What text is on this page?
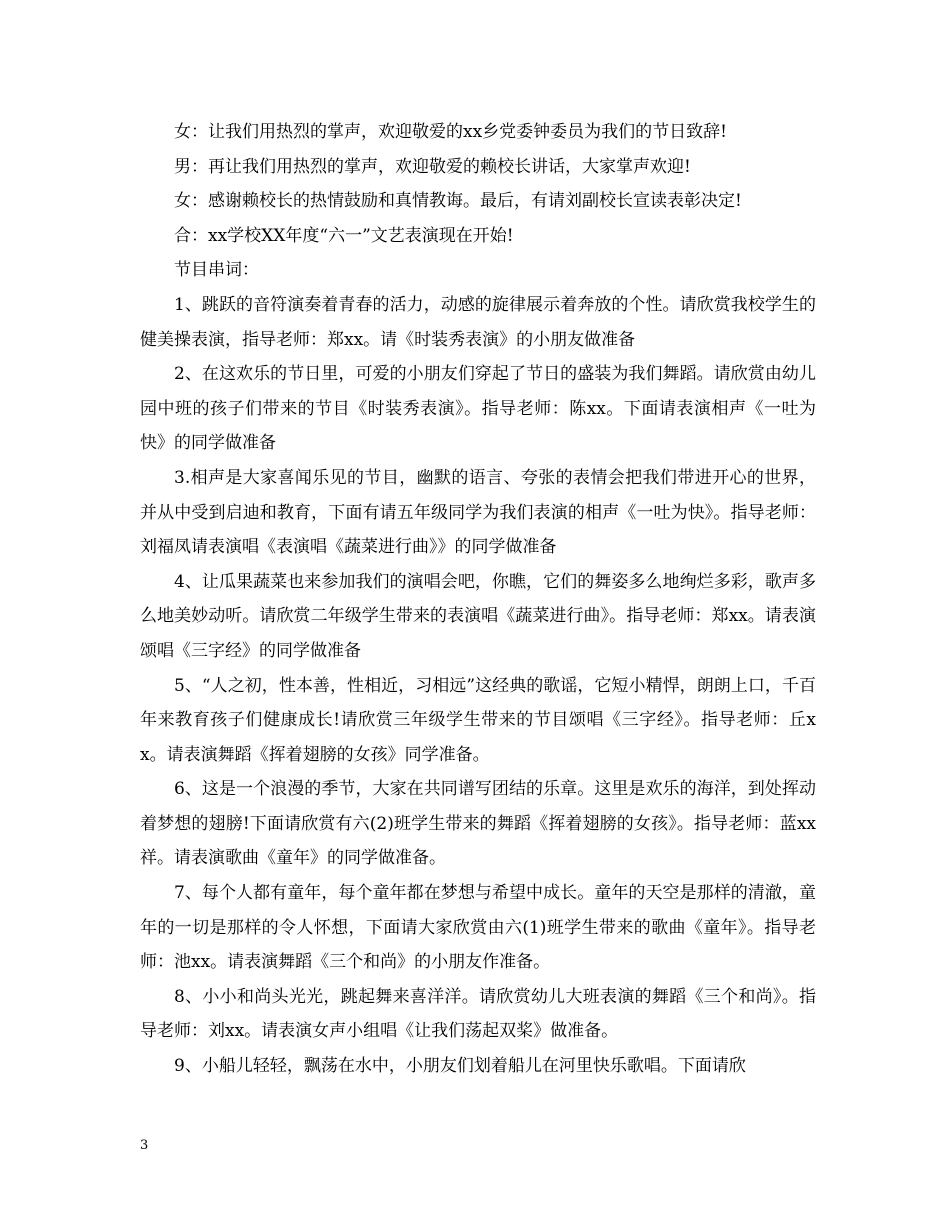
女：让我们用热烈的掌声，欢迎敬爱的xx乡党委钟委员为我们的节日致辞!

男：再让我们用热烈的掌声，欢迎敬爱的赖校长讲话，大家掌声欢迎!

女：感谢赖校长的热情鼓励和真情教诲。最后，有请刘副校长宣读表彰决定!

合：xx学校XX年度“六一”文艺表演现在开始!

节目串词：

1、跳跃的音符演奏着青春的活力，动感的旋律展示着奔放的个性。请欣赏我校学生的健美操表演，指导老师：郑xx。请《时装秀表演》的小朋友做准备

2、在这欢乐的节日里，可爱的小朋友们穿起了节日的盛装为我们舞蹈。请欣赏由幼儿园中班的孩子们带来的节目《时装秀表演》。指导老师：陈xx。下面请表演相声《一吐为快》的同学做准备

3.相声是大家喜闻乐见的节目，幽默的语言、夸张的表情会把我们带进开心的世界，并从中受到启迪和教育，下面有请五年级同学为我们表演的相声《一吐为快》。指导老师：刘福凤请表演唱《表演唱《蔬菜进行曲》》的同学做准备

4、让瓜果蔬菜也来参加我们的演唱会吧，你瞧，它们的舞姿多么地绚烂多彩，歌声多么地美妙动听。请欣赏二年级学生带来的表演唱《蔬菜进行曲》。指导老师：郑xx。请表演颂唱《三字经》的同学做准备

5、“人之初，性本善，性相近，习相远”这经典的歌谣，它短小精悍，朗朗上口，千百年来教育孩子们健康成长!请欣赏三年级学生带来的节目颂唱《三字经》。指导老师：丘xx。请表演舞蹈《挥着翅膀的女孩》同学准备。

6、这是一个浪漫的季节，大家在共同谱写团结的乐章。这里是欢乐的海洋，到处挥动着梦想的翅膀!下面请欣赏有六(2)班学生带来的舞蹈《挥着翅膀的女孩》。指导老师：蓝xx祥。请表演歌曲《童年》的同学做准备。

7、每个人都有童年，每个童年都在梦想与希望中成长。童年的天空是那样的清澈，童年的一切是那样的令人怀想，下面请大家欣赏由六(1)班学生带来的歌曲《童年》。指导老师：池xx。请表演舞蹈《三个和尚》的小朋友作准备。

8、小小和尚头光光，跳起舞来喜洋洋。请欣赏幼儿大班表演的舞蹈《三个和尚》。指导老师：刘xx。请表演女声小组唱《让我们荡起双桨》做准备。

9、小船儿轻轻，飘荡在水中，小朋友们划着船儿在河里快乐歌唱。下面请欣

3
